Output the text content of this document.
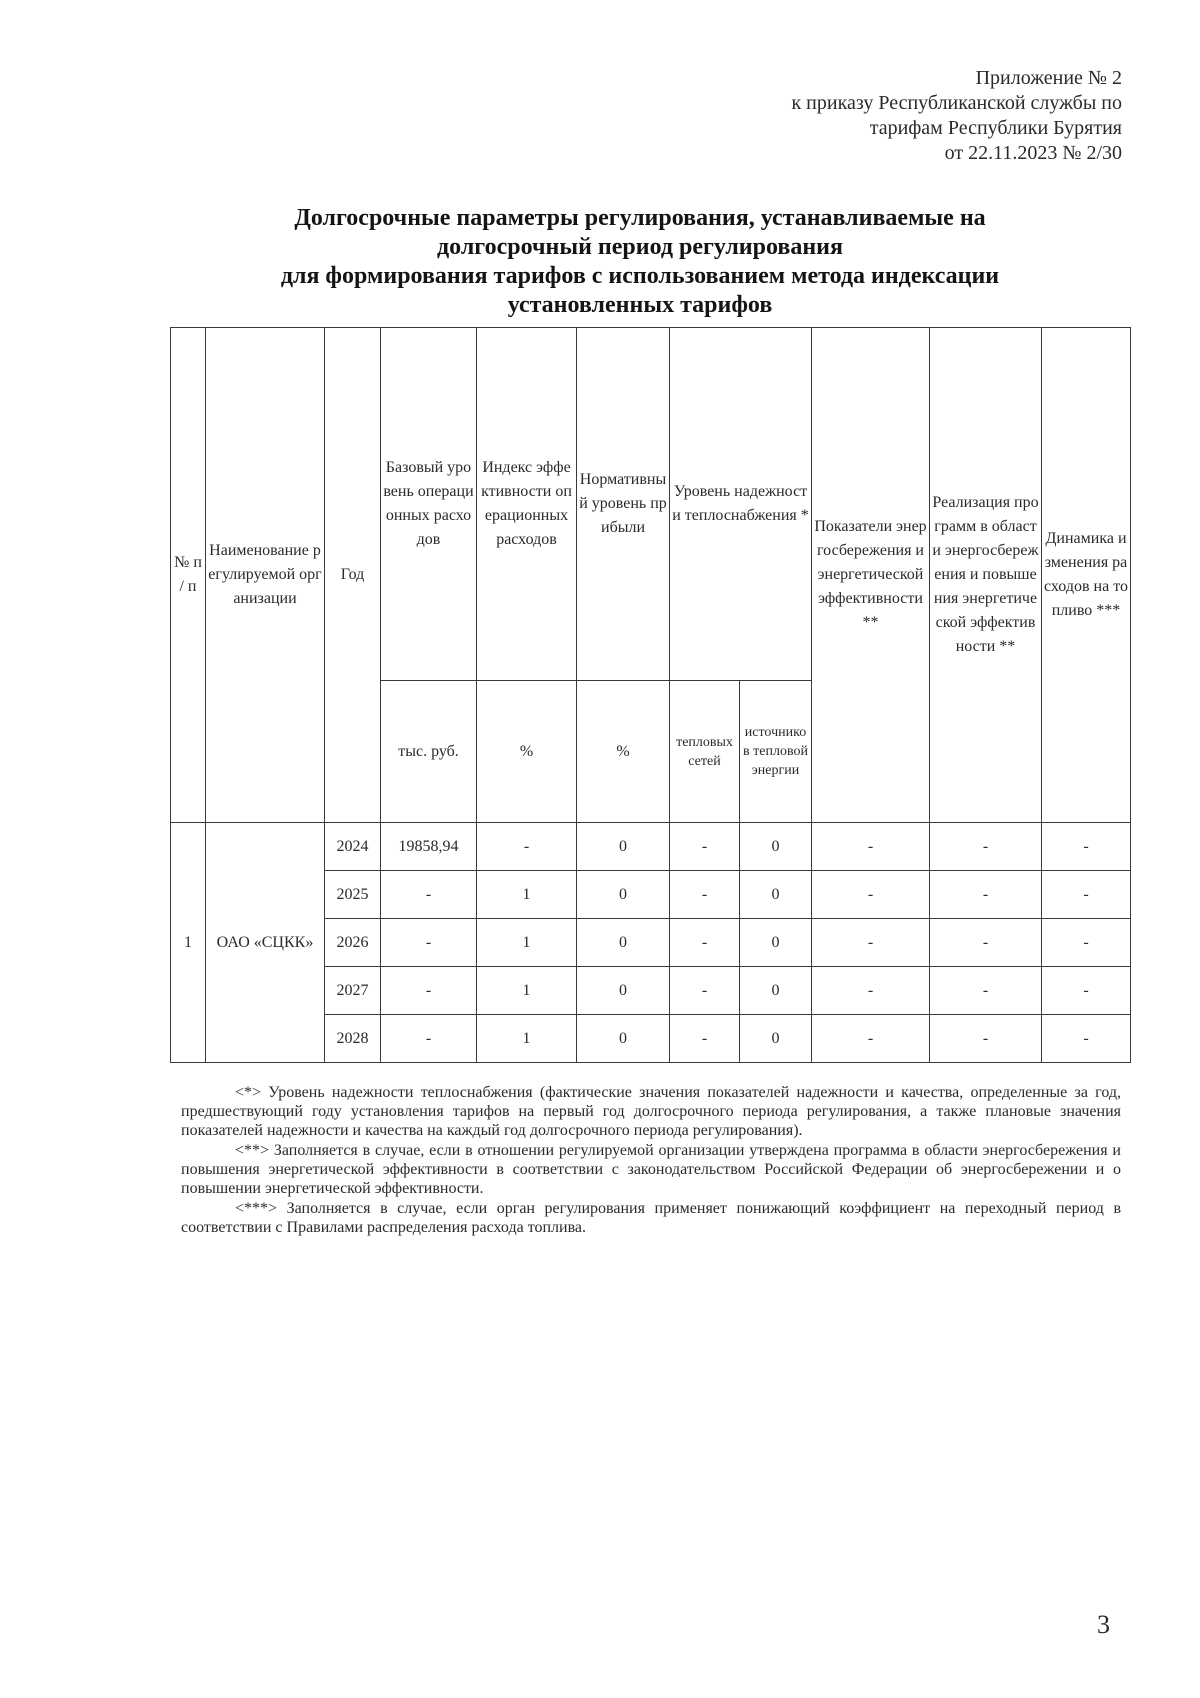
Приложение № 2
к приказу Республиканской службы по
тарифам Республики Бурятия
от 22.11.2023 № 2/30
Долгосрочные параметры регулирования, устанавливаемые на
долгосрочный период регулирования
для формирования тарифов с использованием метода индексации
установленных тарифов
№ п / п	Наименование регулируемой организации	Год	Базовый уровень операционных расходов	Индекс эффективности операционных расходов	Нормативный уровень прибыли	Уровень надежности теплоснабжения *		Показатели энергосбережения и энергетической эффективности **	Реализация программ в области энергосбережения и повышения энергетической эффективности **	Динамика изменения расходов на топливо ***
			тыс. руб.	%	%	тепловых сетей	источников тепловой энергии			
1	ОАО «СЦКК»	2024	19858,94	-	0	-	0	-	-	-
		2025	-	1	0	-	0	-	-	-
		2026	-	1	0	-	0	-	-	-
		2027	-	1	0	-	0	-	-	-
		2028	-	1	0	-	0	-	-	-

<*> Уровень надежности теплоснабжения (фактические значения показателей надежности и качества, определенные за год, предшествующий году установления тарифов на первый год долгосрочного периода регулирования, а также плановые значения показателей надежности и качества на каждый год долгосрочного периода регулирования).

<**> Заполняется в случае, если в отношении регулируемой организации утверждена программа в области энергосбережения и повышения энергетической эффективности в соответствии с законодательством Российской Федерации об энергосбережении и о повышении энергетической эффективности.

<***> Заполняется в случае, если орган регулирования применяет понижающий коэффициент на переходный период в соответствии с Правилами распределения расхода топлива.

3
